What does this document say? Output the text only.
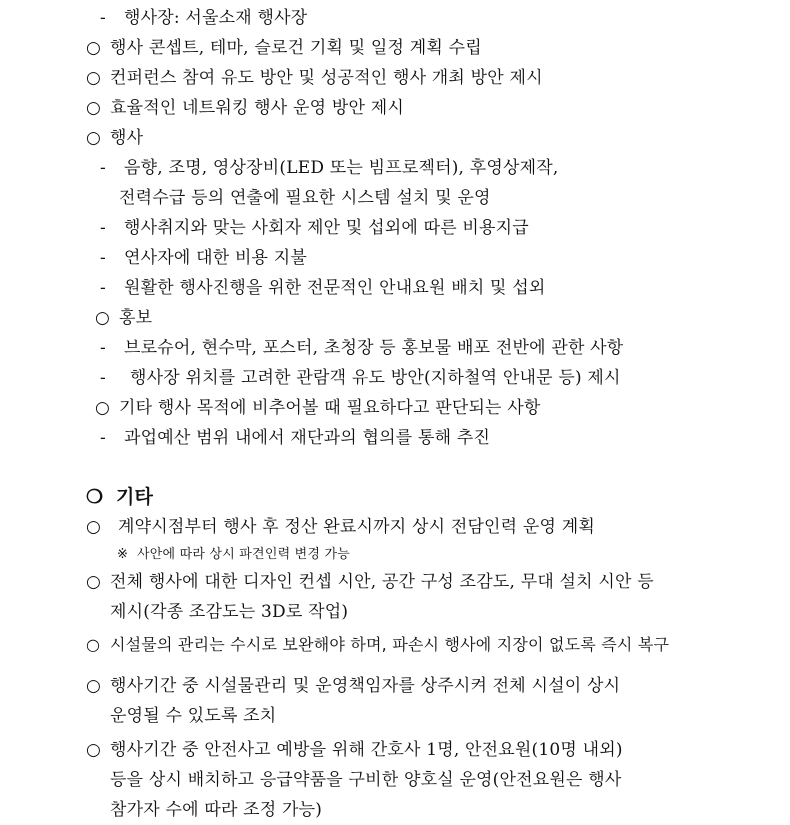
- 행사장: 서울소재 행사장
○ 행사 콘셉트, 테마, 슬로건 기획 및 일정 계획 수립
○ 컨퍼런스 참여 유도 방안 및 성공적인 행사 개최 방안 제시
○ 효율적인 네트워킹 행사 운영 방안 제시
○ 행사
- 음향, 조명, 영상장비(LED 또는 빔프로젝터), 후영상제작,
전력수급 등의 연출에 필요한 시스템 설치 및 운영
- 행사취지와 맞는 사회자 제안 및 섭외에 따른 비용지급
- 연사자에 대한 비용 지불
- 원활한 행사진행을 위한 전문적인 안내요원 배치 및 섭외
○ 홍보
- 브로슈어, 현수막, 포스터, 초청장 등 홍보물 배포 전반에 관한 사항
- 행사장 위치를 고려한 관람객 유도 방안(지하철역 안내문 등) 제시
○ 기타 행사 목적에 비추어볼 때 필요하다고 판단되는 사항
- 과업예산 범위 내에서 재단과의 협의를 통해 추진
❍ 기타
○ 계약시점부터 행사 후 정산 완료시까지 상시 전담인력 운영 계획
※ 사안에 따라 상시 파견인력 변경 가능
○ 전체 행사에 대한 디자인 컨셉 시안, 공간 구성 조감도, 무대 설치 시안 등
제시(각종 조감도는 3D로 작업)
○ 시설물의 관리는 수시로 보완해야 하며, 파손시 행사에 지장이 없도록 즉시 복구
○ 행사기간 중 시설물관리 및 운영책임자를 상주시켜 전체 시설이 상시
운영될 수 있도록 조치
○ 행사기간 중 안전사고 예방을 위해 간호사 1명, 안전요원(10명 내외)
등을 상시 배치하고 응급약품을 구비한 양호실 운영(안전요원은 행사
참가자 수에 따라 조정 가능)
